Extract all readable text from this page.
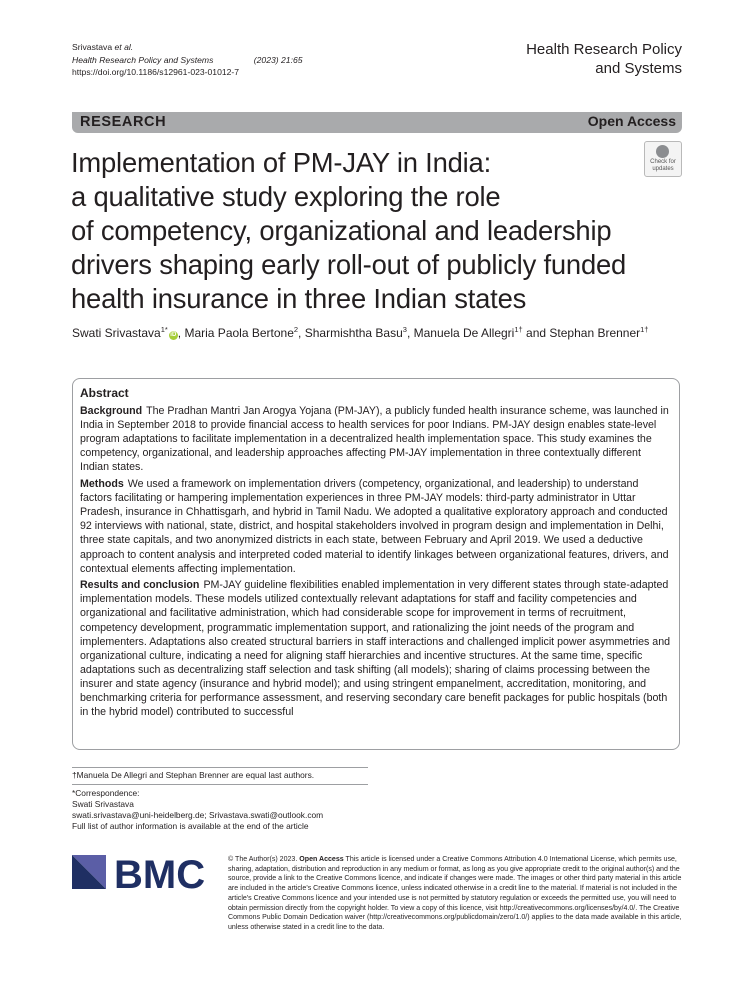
Srivastava et al.
Health Research Policy and Systems	(2023) 21:65
https://doi.org/10.1186/s12961-023-01012-7
Health Research Policy
and Systems
RESEARCH	Open Access
Check for
updates
Implementation of PM-JAY in India:
a qualitative study exploring the role
of competency, organizational and leadership
drivers shaping early roll-out of publicly funded
health insurance in three Indian states
Swati Srivastava$^{1*}$iD , Maria Paola Bertone$^2$, Sharmishtha Basu$^3$, Manuela De Allegri$^{1\dagger}$ and Stephan Brenner$^{1\dagger}$
Abstract

Background The Pradhan Mantri Jan Arogya Yojana (PM-JAY), a publicly funded health insurance scheme, was launched in India in September 2018 to provide financial access to health services for poor Indians. PM-JAY design enables state-level program adaptations to facilitate implementation in a decentralized health implementation space. This study examines the competency, organizational, and leadership approaches affecting PM-JAY implementation in three contextually different Indian states.

Methods We used a framework on implementation drivers (competency, organizational, and leadership) to understand factors facilitating or hampering implementation experiences in three PM-JAY models: third-party administrator in Uttar Pradesh, insurance in Chhattisgarh, and hybrid in Tamil Nadu. We adopted a qualitative exploratory approach and conducted 92 interviews with national, state, district, and hospital stakeholders involved in program design and implementation in Delhi, three state capitals, and two anonymized districts in each state, between February and April 2019. We used a deductive approach to content analysis and interpreted coded material to identify linkages between organizational features, drivers, and contextual elements affecting implementation.

Results and conclusion PM-JAY guideline flexibilities enabled implementation in very different states through state-adapted implementation models. These models utilized contextually relevant adaptations for staff and facility competencies and organizational and facilitative administration, which had considerable scope for improvement in terms of recruitment, competency development, programmatic implementation support, and rationalizing the joint needs of the program and implementers. Adaptations also created structural barriers in staff interactions and challenged implicit power asymmetries and organizational culture, indicating a need for aligning staff hierarchies and incentive structures. At the same time, specific adaptations such as decentralizing staff selection and task shifting (all models); sharing of claims processing between the insurer and state agency (insurance and hybrid model); and using stringent empanelment, accreditation, monitoring, and benchmarking criteria for performance assessment, and reserving secondary care benefit packages for public hospitals (both in the hybrid model) contributed to successful

†Manuela De Allegri and Stephan Brenner are equal last authors.
*Correspondence:
Swati Srivastava
swati.srivastava@uni-heidelberg.de; Srivastava.swati@outlook.com
Full list of author information is available at the end of the article
BMC	© The Author(s) 2023. Open Access This article is licensed under a Creative Commons Attribution 4.0 International License, which permits use, sharing, adaptation, distribution and reproduction in any medium or format, as long as you give appropriate credit to the original author(s) and the source, provide a link to the Creative Commons licence, and indicate if changes were made. The images or other third party material in this article are included in the article's Creative Commons licence, unless indicated otherwise in a credit line to the material. If material is not included in the article's Creative Commons licence and your intended use is not permitted by statutory regulation or exceeds the permitted use, you will need to obtain permission directly from the copyright holder. To view a copy of this licence, visit http://creativecommons.org/licenses/by/4.0/. The Creative Commons Public Domain Dedication waiver (http://creativecommons.org/publicdomain/zero/1.0/) applies to the data made available in this article, unless otherwise stated in a credit line to the data.
